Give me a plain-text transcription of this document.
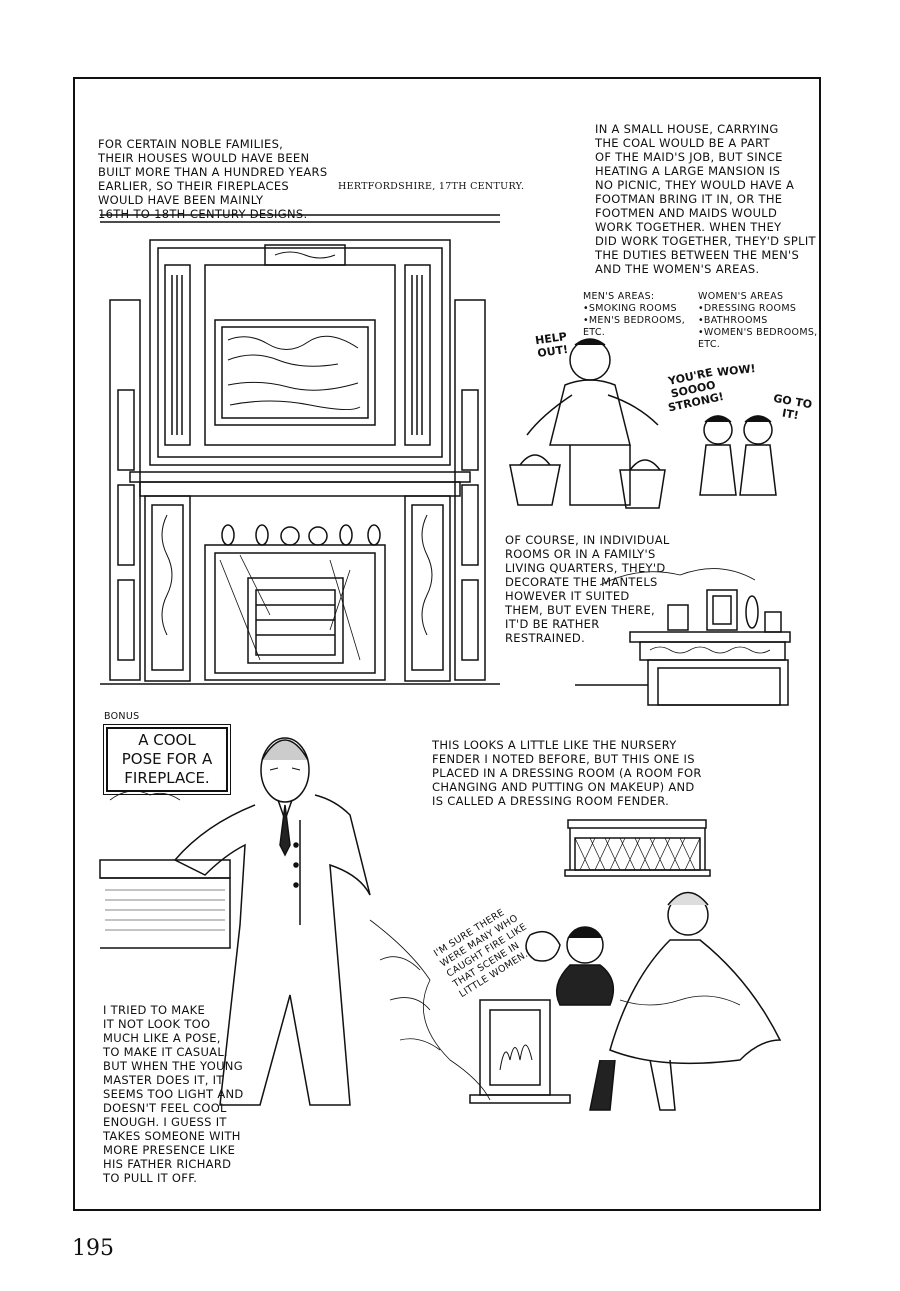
FOR CERTAIN NOBLE FAMILIES,
THEIR HOUSES WOULD HAVE BEEN
BUILT MORE THAN A HUNDRED YEARS
EARLIER, SO THEIR FIREPLACES
WOULD HAVE BEEN MAINLY
16TH TO 18TH-CENTURY DESIGNS.
HERTFORDSHIRE, 17TH CENTURY.
IN A SMALL HOUSE, CARRYING
THE COAL WOULD BE A PART
OF THE MAID'S JOB, BUT SINCE
HEATING A LARGE MANSION IS
NO PICNIC, THEY WOULD HAVE A
FOOTMAN BRING IT IN, OR THE
FOOTMEN AND MAIDS WOULD
WORK TOGETHER. WHEN THEY
DID WORK TOGETHER, THEY'D SPLIT
THE DUTIES BETWEEN THE MEN'S
AND THE WOMEN'S AREAS.
MEN'S AREAS:
•SMOKING ROOMS
•MEN'S BEDROOMS,
ETC.
WOMEN'S AREAS
•DRESSING ROOMS
•BATHROOMS
•WOMEN'S BEDROOMS,
ETC.
HELP
OUT!
YOU'RE
SOOOO
STRONG!
WOW!
GO TO
IT!
OF COURSE, IN INDIVIDUAL
ROOMS OR IN A FAMILY'S
LIVING QUARTERS, THEY'D
DECORATE THE MANTELS
HOWEVER IT SUITED
THEM, BUT EVEN THERE,
IT'D BE RATHER
RESTRAINED.
BONUS
A COOL
POSE FOR A
FIREPLACE.
THIS LOOKS A LITTLE LIKE THE NURSERY
FENDER I NOTED BEFORE, BUT THIS ONE IS
PLACED IN A DRESSING ROOM (A ROOM FOR
CHANGING AND PUTTING ON MAKEUP) AND
IS CALLED A DRESSING ROOM FENDER.
I'M SURE THERE
WERE MANY WHO
CAUGHT FIRE LIKE
THAT SCENE IN
LITTLE WOMEN.
I TRIED TO MAKE
IT NOT LOOK TOO
MUCH LIKE A POSE,
TO MAKE IT CASUAL.
BUT WHEN THE YOUNG
MASTER DOES IT, IT
SEEMS TOO LIGHT AND
DOESN'T FEEL COOL
ENOUGH. I GUESS IT
TAKES SOMEONE WITH
MORE PRESENCE LIKE
HIS FATHER RICHARD
TO PULL IT OFF.
195
